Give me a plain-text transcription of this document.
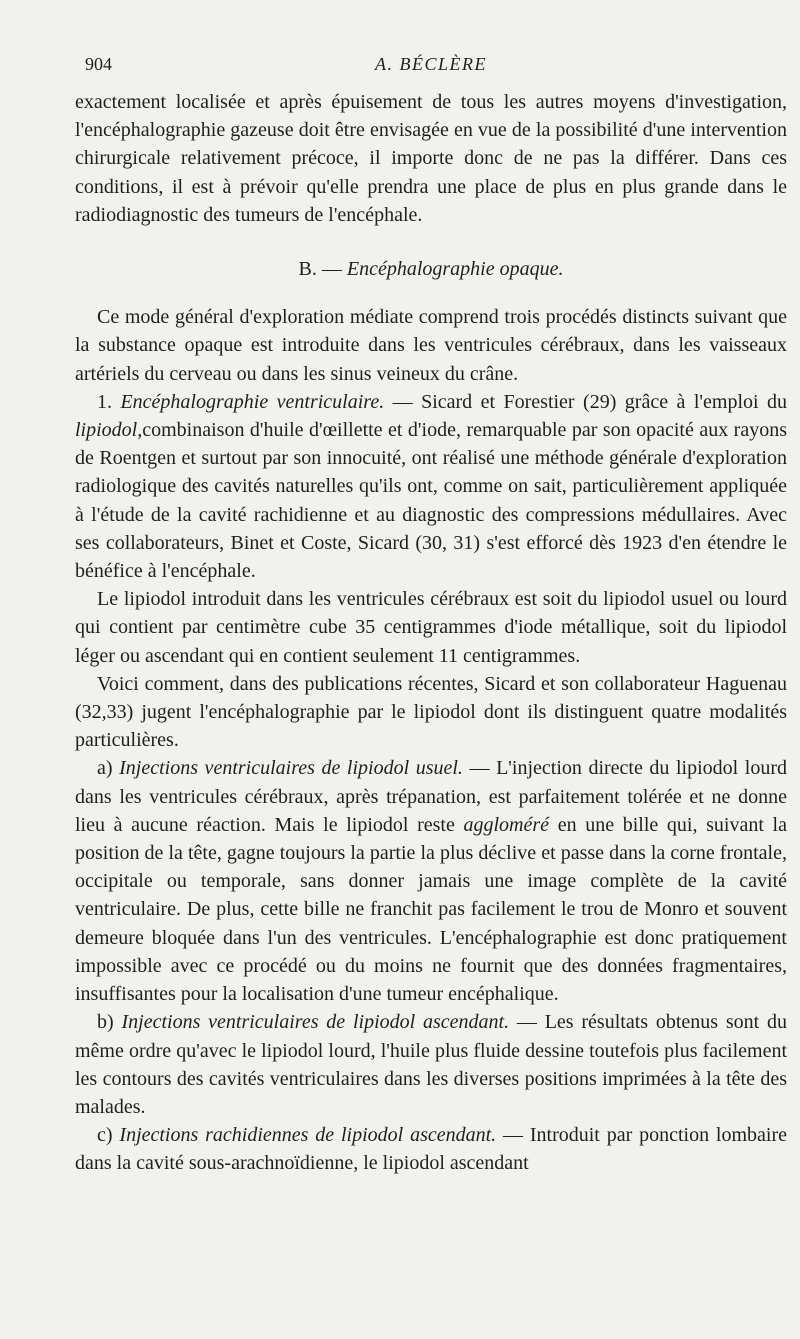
904	A. BÉCLÈRE

exactement localisée et après épuisement de tous les autres moyens d'investigation, l'encéphalographie gazeuse doit être envisagée en vue de la possibilité d'une intervention chirurgicale relativement précoce, il importe donc de ne pas la différer. Dans ces conditions, il est à prévoir qu'elle prendra une place de plus en plus grande dans le radiodiagnostic des tumeurs de l'encéphale.

B. — Encéphalographie opaque.

Ce mode général d'exploration médiate comprend trois procédés distincts suivant que la substance opaque est introduite dans les ventricules cérébraux, dans les vaisseaux artériels du cerveau ou dans les sinus veineux du crâne.

1. Encéphalographie ventriculaire. — Sicard et Forestier (29) grâce à l'emploi du lipiodol,combinaison d'huile d'œillette et d'iode, remarquable par son opacité aux rayons de Roentgen et surtout par son innocuité, ont réalisé une méthode générale d'exploration radiologique des cavités naturelles qu'ils ont, comme on sait, particulièrement appliquée à l'étude de la cavité rachidienne et au diagnostic des compressions médullaires. Avec ses collaborateurs, Binet et Coste, Sicard (30, 31) s'est efforcé dès 1923 d'en étendre le bénéfice à l'encéphale.

Le lipiodol introduit dans les ventricules cérébraux est soit du lipiodol usuel ou lourd qui contient par centimètre cube 35 centigrammes d'iode métallique, soit du lipiodol léger ou ascendant qui en contient seulement 11 centigrammes.

Voici comment, dans des publications récentes, Sicard et son collaborateur Haguenau (32,33) jugent l'encéphalographie par le lipiodol dont ils distinguent quatre modalités particulières.

a) Injections ventriculaires de lipiodol usuel. — L'injection directe du lipiodol lourd dans les ventricules cérébraux, après trépanation, est parfaitement tolérée et ne donne lieu à aucune réaction. Mais le lipiodol reste aggloméré en une bille qui, suivant la position de la tête, gagne toujours la partie la plus déclive et passe dans la corne frontale, occipitale ou temporale, sans donner jamais une image complète de la cavité ventriculaire. De plus, cette bille ne franchit pas facilement le trou de Monro et souvent demeure bloquée dans l'un des ventricules. L'encéphalographie est donc pratiquement impossible avec ce procédé ou du moins ne fournit que des données fragmentaires, insuffisantes pour la localisation d'une tumeur encéphalique.

b) Injections ventriculaires de lipiodol ascendant. — Les résultats obtenus sont du même ordre qu'avec le lipiodol lourd, l'huile plus fluide dessine toutefois plus facilement les contours des cavités ventriculaires dans les diverses positions imprimées à la tête des malades.

c) Injections rachidiennes de lipiodol ascendant. — Introduit par ponction lombaire dans la cavité sous-arachnoïdienne, le lipiodol ascendant
